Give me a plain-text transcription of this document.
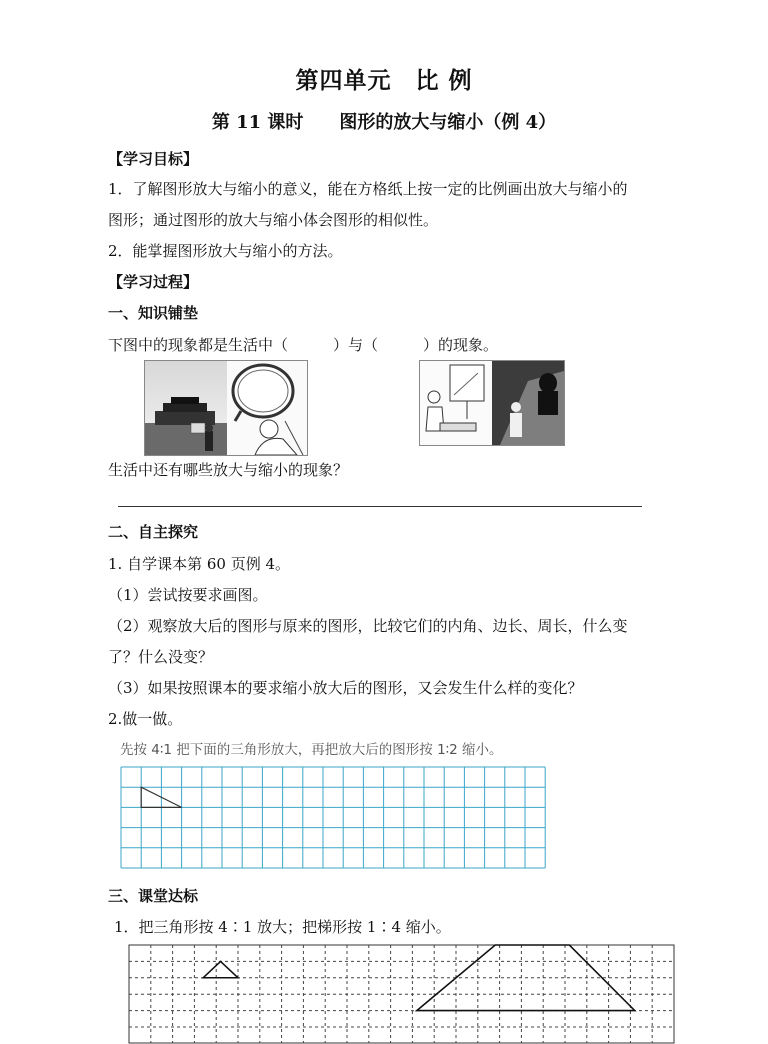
第四单元　比 例
第 11 课时　　图形的放大与缩小（例 4）
【学习目标】
1．了解图形放大与缩小的意义，能在方格纸上按一定的比例画出放大与缩小的
图形；通过图形的放大与缩小体会图形的相似性。
2．能掌握图形放大与缩小的方法。
【学习过程】
一、知识铺垫
下图中的现象都是生活中（　　　）与（　　　）的现象。
生活中还有哪些放大与缩小的现象？
二、自主探究
1. 自学课本第 60 页例 4。
（1）尝试按要求画图。
（2）观察放大后的图形与原来的图形，比较它们的内角、边长、周长，什么变
了？什么没变？
（3）如果按照课本的要求缩小放大后的图形，又会发生什么样的变化？
2.做一做。
先按 4∶1 把下面的三角形放大，再把放大后的图形按 1∶2 缩小。
三、课堂达标
1．把三角形按 4∶1 放大；把梯形按 1∶4 缩小。
